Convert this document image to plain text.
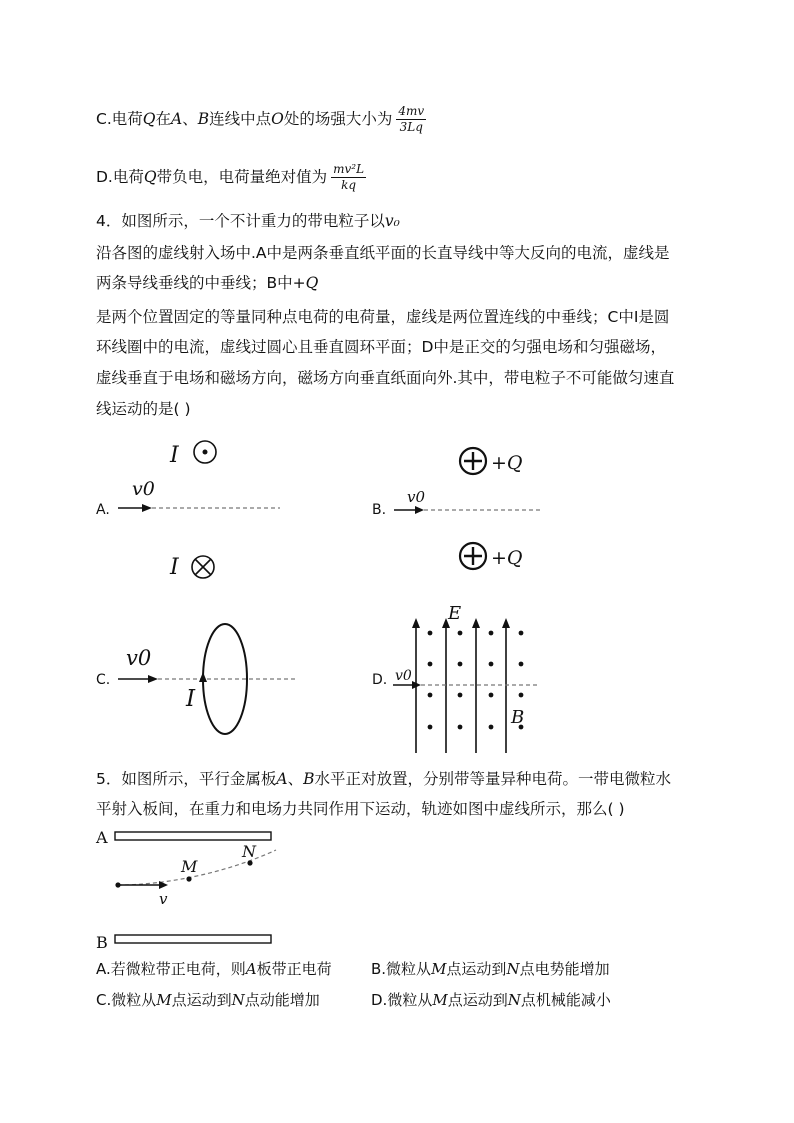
C.电荷Q在A、B连线中点O处的场强大小为 $\frac{4mv}{3Lq}$
D.电荷Q带负电，电荷量绝对值为 $\frac{\text{mv²L}}{kq}$
4．如图所示，一个不计重力的带电粒子以v₀
沿各图的虚线射入场中.A中是两条垂直纸平面的长直导线中等大反向的电流，虚线是
两条导线垂线的中垂线；B中+Q
是两个位置固定的等量同种点电荷的电荷量，虚线是两位置连线的中垂线；C中I是圆
环线圈中的电流，虚线过圆心且垂直圆环平面；D中是正交的匀强电场和匀强磁场，
虚线垂直于电场和磁场方向，磁场方向垂直纸面向外.其中，带电粒子不可能做匀速直
线运动的是( )
A.
I
v0
I
B.
+Q
v0
+Q
C.
v0
I
D.
E
v0
B
5．如图所示，平行金属板A、B水平正对放置，分别带等量异种电荷。一带电微粒水
平射入板间，在重力和电场力共同作用下运动，轨迹如图中虚线所示，那么( )
A
v
M
N
B
A.若微粒带正电荷，则A板带正电荷	B.微粒从M点运动到N点电势能增加
C.微粒从M点运动到N点动能增加	D.微粒从M点运动到N点机械能减小
